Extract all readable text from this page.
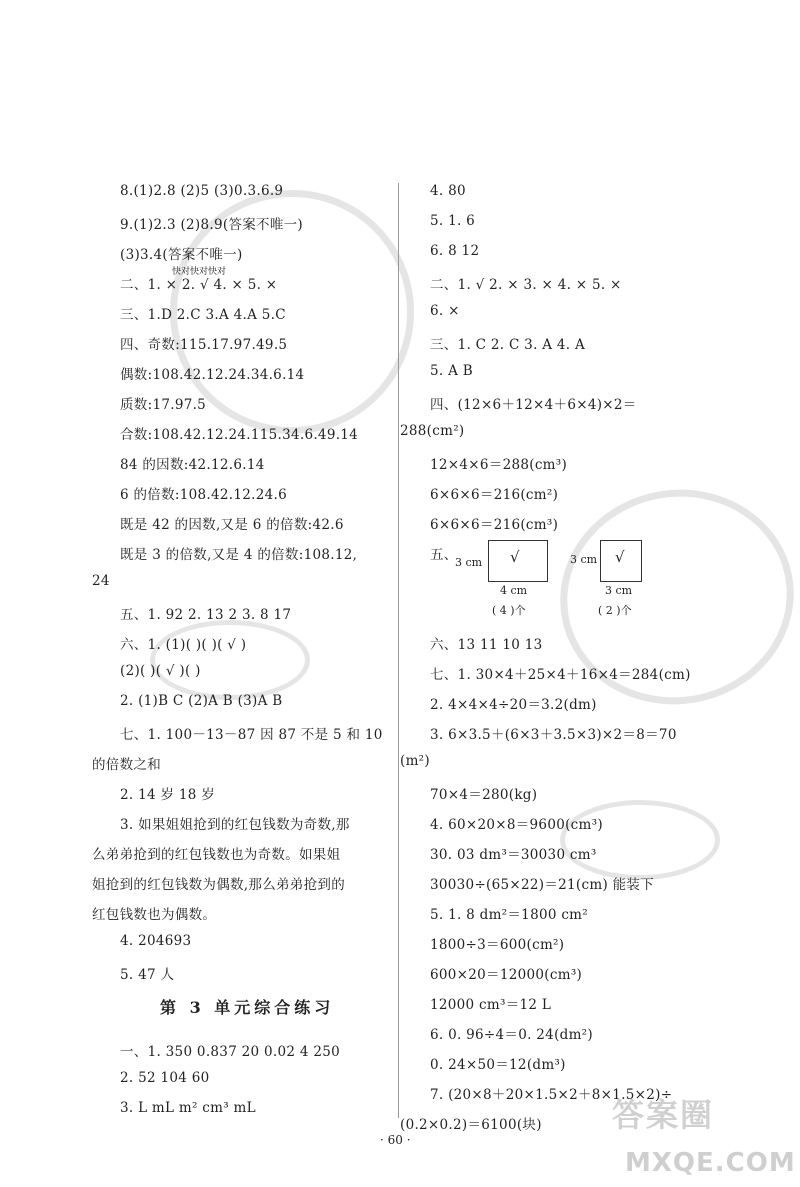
8.(1)2.8 (2)5 (3)0.3.6.9
9.(1)2.3 (2)8.9(答案不唯一)
(3)3.4(答案不唯一)
二、1. × 2. √ 4. × 5. ×
三、1.D 2.C 3.A 4.A 5.C
四、奇数:115.17.97.49.5
偶数:108.42.12.24.34.6.14
质数:17.97.5
合数:108.42.12.24.115.34.6.49.14
84 的因数:42.12.6.14
6 的倍数:108.42.12.24.6
既是 42 的因数,又是 6 的倍数:42.6
既是 3 的倍数,又是 4 的倍数:108.12,
24
五、1. 92 2. 13 2 3. 8 17
六、1. (1)( )( )( √ )
(2)( )( √ )( )
2. (1)B C (2)A B (3)A B
七、1. 100－13－87 因 87 不是 5 和 10
的倍数之和
2. 14 岁 18 岁
3. 如果姐姐抢到的红包钱数为奇数,那
么弟弟抢到的红包钱数也为奇数。如果姐
姐抢到的红包钱数为偶数,那么弟弟抢到的
红包钱数也为偶数。
4. 204693
5. 47 人
一、1. 350 0.837 20 0.02 4 250
2. 52 104 60
3. L mL m² cm³ mL
3 cm √
4 cm
( 4 )个
3 cm √
3 cm
( 2 )个
4. 80
5. 1. 6
6. 8 12
二、1. √ 2. × 3. × 4. × 5. ×
6. ×
三、1. C 2. C 3. A 4. A
5. A B
四、(12×6＋12×4＋6×4)×2＝
288(cm²)
12×4×6＝288(cm³)
6×6×6＝216(cm²)
6×6×6＝216(cm³)
五、
六、13 11 10 13
七、1. 30×4＋25×4＋16×4＝284(cm)
2. 4×4×4÷20＝3.2(dm)
3. 6×3.5＋(6×3＋3.5×3)×2＝8＝70
(m²)
70×4＝280(kg)
4. 60×20×8＝9600(cm³)
30. 03 dm³＝30030 cm³
30030÷(65×22)＝21(cm) 能装下
5. 1. 8 dm²＝1800 cm²
1800÷3＝600(cm²)
600×20＝12000(cm³)
12000 cm³＝12 L
6. 0. 96÷4＝0. 24(dm²)
0. 24×50＝12(dm³)
7. (20×8＋20×1.5×2＋8×1.5×2)÷
(0.2×0.2)＝6100(块)
快对快对快对
第 3 单元综合练习
· 60 ·
答案圈
MXQE.COM
